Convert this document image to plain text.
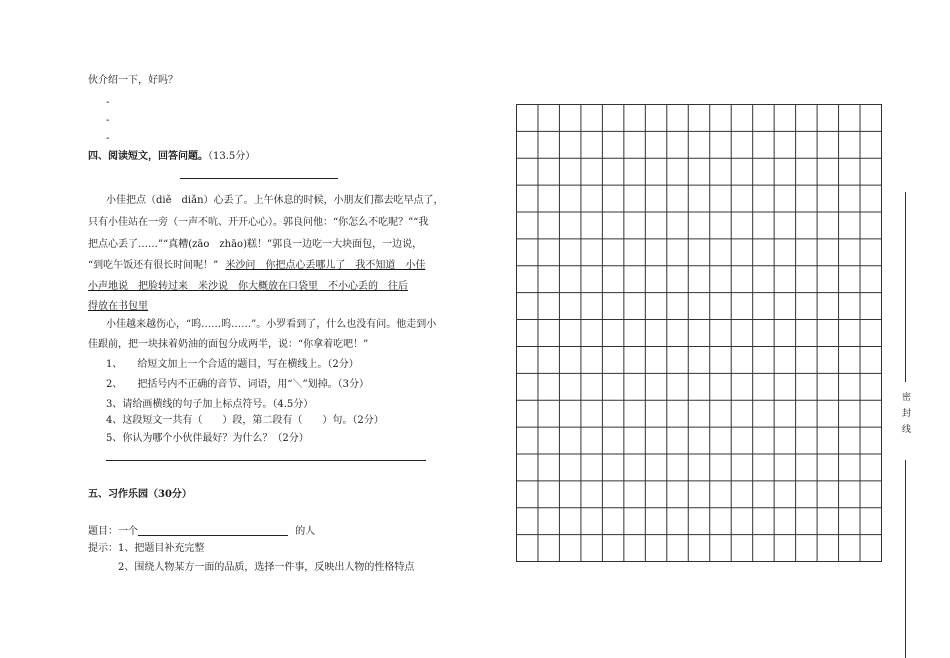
伙介绍一下，好吗？
-
-
-
四、阅读短文，回答问题。（13.5分）
小佳把点（diě　diǎn）心丢了。上午休息的时候，小朋友们都去吃早点了，
只有小佳站在一旁（一声不吭、开开心心）。郭良问他：“你怎么不吃呢？”“我
把点心丢了……”“真糟(zāo　zhāo)糕！”郭良一边吃一大块面包，一边说，
“到吃午饭还有很长时间呢！” 米沙问　你把点心丢哪儿了　我不知道　小佳
小声地说　把脸转过来　米沙说　你大概放在口袋里　不小心丢的　往后
得放在书包里
小佳越来越伤心，“呜……呜……”。小罗看到了，什么也没有问。他走到小
佳跟前，把一块抹着奶油的面包分成两半，说：“你拿着吃吧！”
1、　　给短文加上一个合适的题目，写在横线上。（2分）
2、　　把括号内不正确的音节、词语，用“＼”划掉。（3分）
3、请给画横线的句子加上标点符号。（4.5分）
4、这段短文一共有（　　）段，第二段有（　　）句。（2分）
5、你认为哪个小伙伴最好？为什么？（2分）
五、习作乐园（30分）
题目：一个	的人
提示：1、把题目补充完整
2、围绕人物某方一面的品质，选择一件事，反映出人物的性格特点
密
封
线
